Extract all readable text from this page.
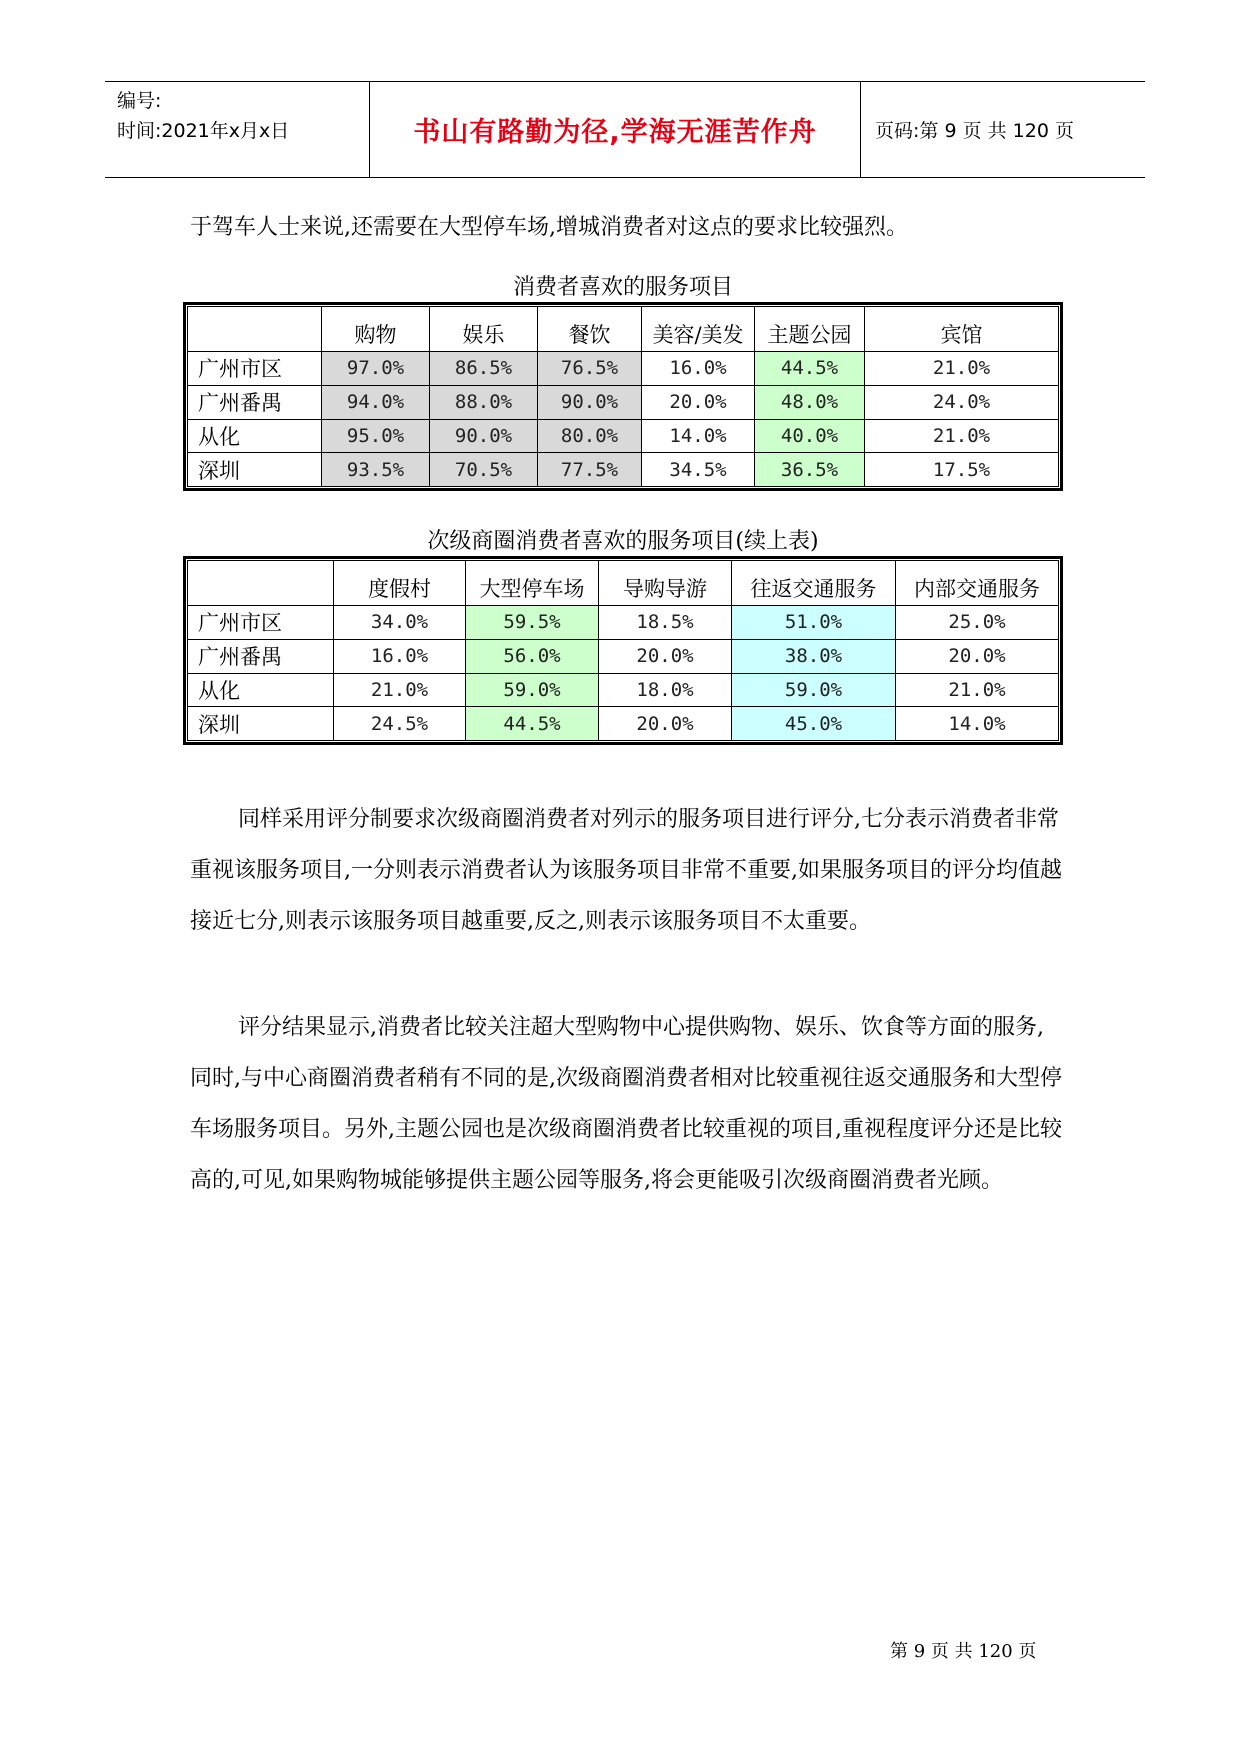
编号:
时间:2021年x月x日	书山有路勤为径,学海无涯苦作舟	页码:第 9 页 共 120 页
于驾车人士来说,还需要在大型停车场,增城消费者对这点的要求比较强烈。
消费者喜欢的服务项目
	购物	娱乐	餐饮	美容/美发	主题公园	宾馆
广州市区	97.0%	86.5%	76.5%	16.0%	44.5%	21.0%
广州番禺	94.0%	88.0%	90.0%	20.0%	48.0%	24.0%
从化	95.0%	90.0%	80.0%	14.0%	40.0%	21.0%
深圳	93.5%	70.5%	77.5%	34.5%	36.5%	17.5%
次级商圈消费者喜欢的服务项目(续上表)
	度假村	大型停车场	导购导游	往返交通服务	内部交通服务
广州市区	34.0%	59.5%	18.5%	51.0%	25.0%
广州番禺	16.0%	56.0%	20.0%	38.0%	20.0%
从化	21.0%	59.0%	18.0%	59.0%	21.0%
深圳	24.5%	44.5%	20.0%	45.0%	14.0%
同样采用评分制要求次级商圈消费者对列示的服务项目进行评分,七分表示消费者非常重视该服务项目,一分则表示消费者认为该服务项目非常不重要,如果服务项目的评分均值越接近七分,则表示该服务项目越重要,反之,则表示该服务项目不太重要。
评分结果显示,消费者比较关注超大型购物中心提供购物、娱乐、饮食等方面的服务,同时,与中心商圈消费者稍有不同的是,次级商圈消费者相对比较重视往返交通服务和大型停车场服务项目。另外,主题公园也是次级商圈消费者比较重视的项目,重视程度评分还是比较高的,可见,如果购物城能够提供主题公园等服务,将会更能吸引次级商圈消费者光顾。
第 9 页 共 120 页
